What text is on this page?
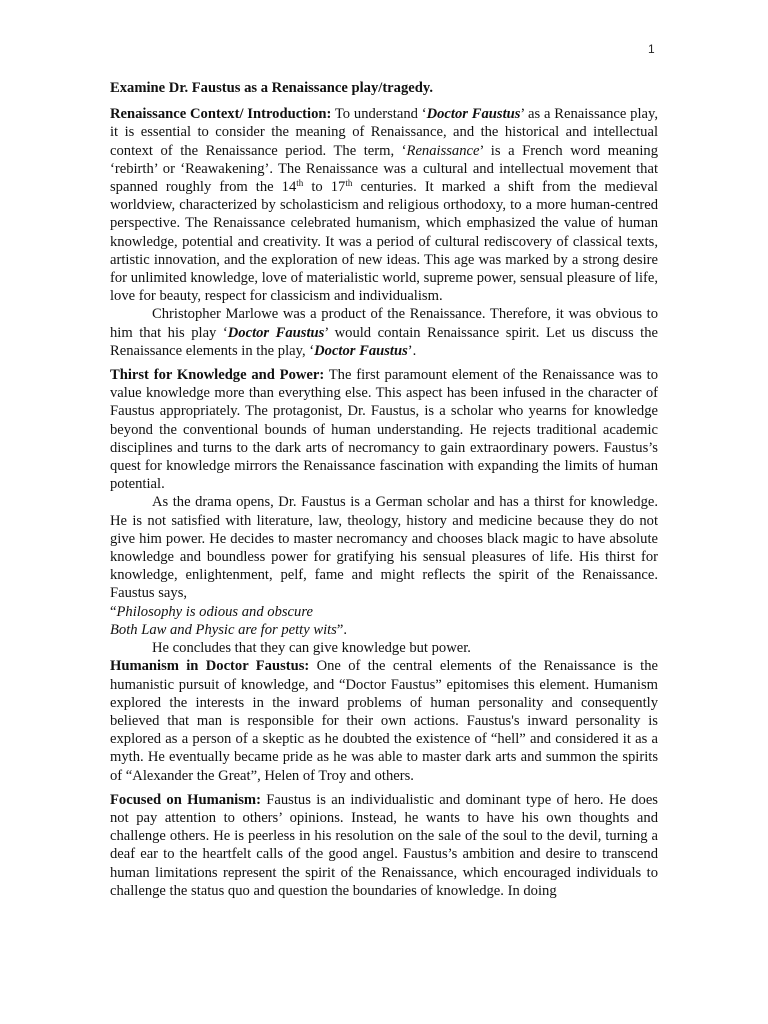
1
Examine Dr. Faustus as a Renaissance play/tragedy.

Renaissance Context/ Introduction: To understand ‘Doctor Faustus’ as a Renaissance play, it is essential to consider the meaning of Renaissance, and the historical and intellectual context of the Renaissance period. The term, ‘Renaissance’ is a French word meaning ‘rebirth’ or ‘Reawakening’. The Renaissance was a cultural and intellectual movement that spanned roughly from the 14th to 17th centuries. It marked a shift from the medieval worldview, characterized by scholasticism and religious orthodoxy, to a more human-centred perspective. The Renaissance celebrated humanism, which emphasized the value of human knowledge, potential and creativity. It was a period of cultural rediscovery of classical texts, artistic innovation, and the exploration of new ideas. This age was marked by a strong desire for unlimited knowledge, love of materialistic world, supreme power, sensual pleasure of life, love for beauty, respect for classicism and individualism.

Christopher Marlowe was a product of the Renaissance. Therefore, it was obvious to him that his play ‘Doctor Faustus’ would contain Renaissance spirit. Let us discuss the Renaissance elements in the play, ‘Doctor Faustus’.

Thirst for Knowledge and Power: The first paramount element of the Renaissance was to value knowledge more than everything else. This aspect has been infused in the character of Faustus appropriately. The protagonist, Dr. Faustus, is a scholar who yearns for knowledge beyond the conventional bounds of human understanding. He rejects traditional academic disciplines and turns to the dark arts of necromancy to gain extraordinary powers. Faustus’s quest for knowledge mirrors the Renaissance fascination with expanding the limits of human potential.

As the drama opens, Dr. Faustus is a German scholar and has a thirst for knowledge. He is not satisfied with literature, law, theology, history and medicine because they do not give him power. He decides to master necromancy and chooses black magic to have absolute knowledge and boundless power for gratifying his sensual pleasures of life. His thirst for knowledge, enlightenment, pelf, fame and might reflects the spirit of the Renaissance. Faustus says,

“Philosophy is odious and obscure

Both Law and Physic are for petty wits”.

He concludes that they can give knowledge but power.

Humanism in Doctor Faustus: One of the central elements of the Renaissance is the humanistic pursuit of knowledge, and “Doctor Faustus” epitomises this element. Humanism explored the interests in the inward problems of human personality and consequently believed that man is responsible for their own actions. Faustus's inward personality is explored as a person of a skeptic as he doubted the existence of “hell” and considered it as a myth. He eventually became pride as he was able to master dark arts and summon the spirits of “Alexander the Great”, Helen of Troy and others.

Focused on Humanism: Faustus is an individualistic and dominant type of hero. He does not pay attention to others’ opinions. Instead, he wants to have his own thoughts and challenge others. He is peerless in his resolution on the sale of the soul to the devil, turning a deaf ear to the heartfelt calls of the good angel. Faustus’s ambition and desire to transcend human limitations represent the spirit of the Renaissance, which encouraged individuals to challenge the status quo and question the boundaries of knowledge. In doing
